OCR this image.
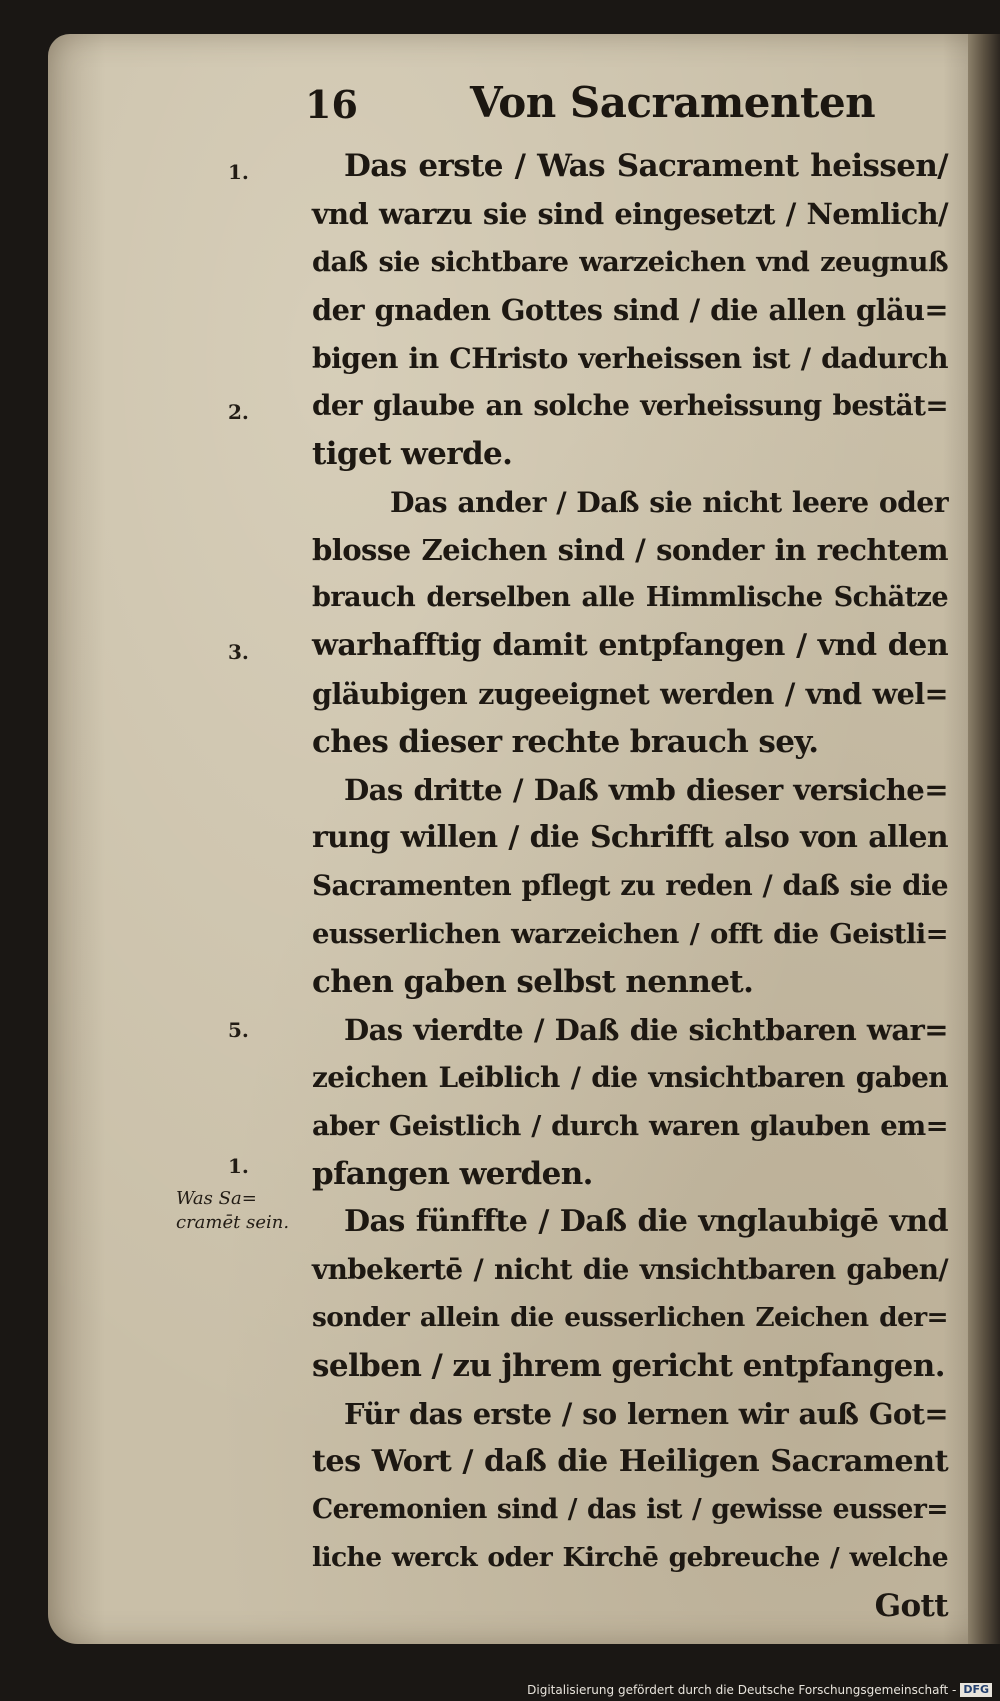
16	Von Sacramenten
1.
2.
3.
5.
1.
Was Sa=
cramēt sein.
Das erste / Was Sacrament heissen/
vnd warzu sie sind eingesetzt / Nemlich/
daß sie sichtbare warzeichen vnd zeugnuß
der gnaden Gottes sind / die allen gläu=
bigen in CHristo verheissen ist / dadurch
der glaube an solche verheissung bestät=
tiget werde.
Das ander / Daß sie nicht leere oder
blosse Zeichen sind / sonder in rechtem
brauch derselben alle Himmlische Schätze
warhafftig damit entpfangen / vnd den
gläubigen zugeeignet werden / vnd wel=
ches dieser rechte brauch sey.
Das dritte / Daß vmb dieser versiche=
rung willen / die Schrifft also von allen
Sacramenten pflegt zu reden / daß sie die
eusserlichen warzeichen / offt die Geistli=
chen gaben selbst nennet.
Das vierdte / Daß die sichtbaren war=
zeichen Leiblich / die vnsichtbaren gaben
aber Geistlich / durch waren glauben em=
pfangen werden.
Das fünffte / Daß die vnglaubigē vnd
vnbekertē / nicht die vnsichtbaren gaben/
sonder allein die eusserlichen Zeichen der=
selben / zu jhrem gericht entpfangen.
Für das erste / so lernen wir auß Got=
tes Wort / daß die Heiligen Sacrament
Ceremonien sind / das ist / gewisse eusser=
liche werck oder Kirchē gebreuche / welche
Gott
Digitalisierung gefördert durch die Deutsche Forschungsgemeinschaft - DFG
